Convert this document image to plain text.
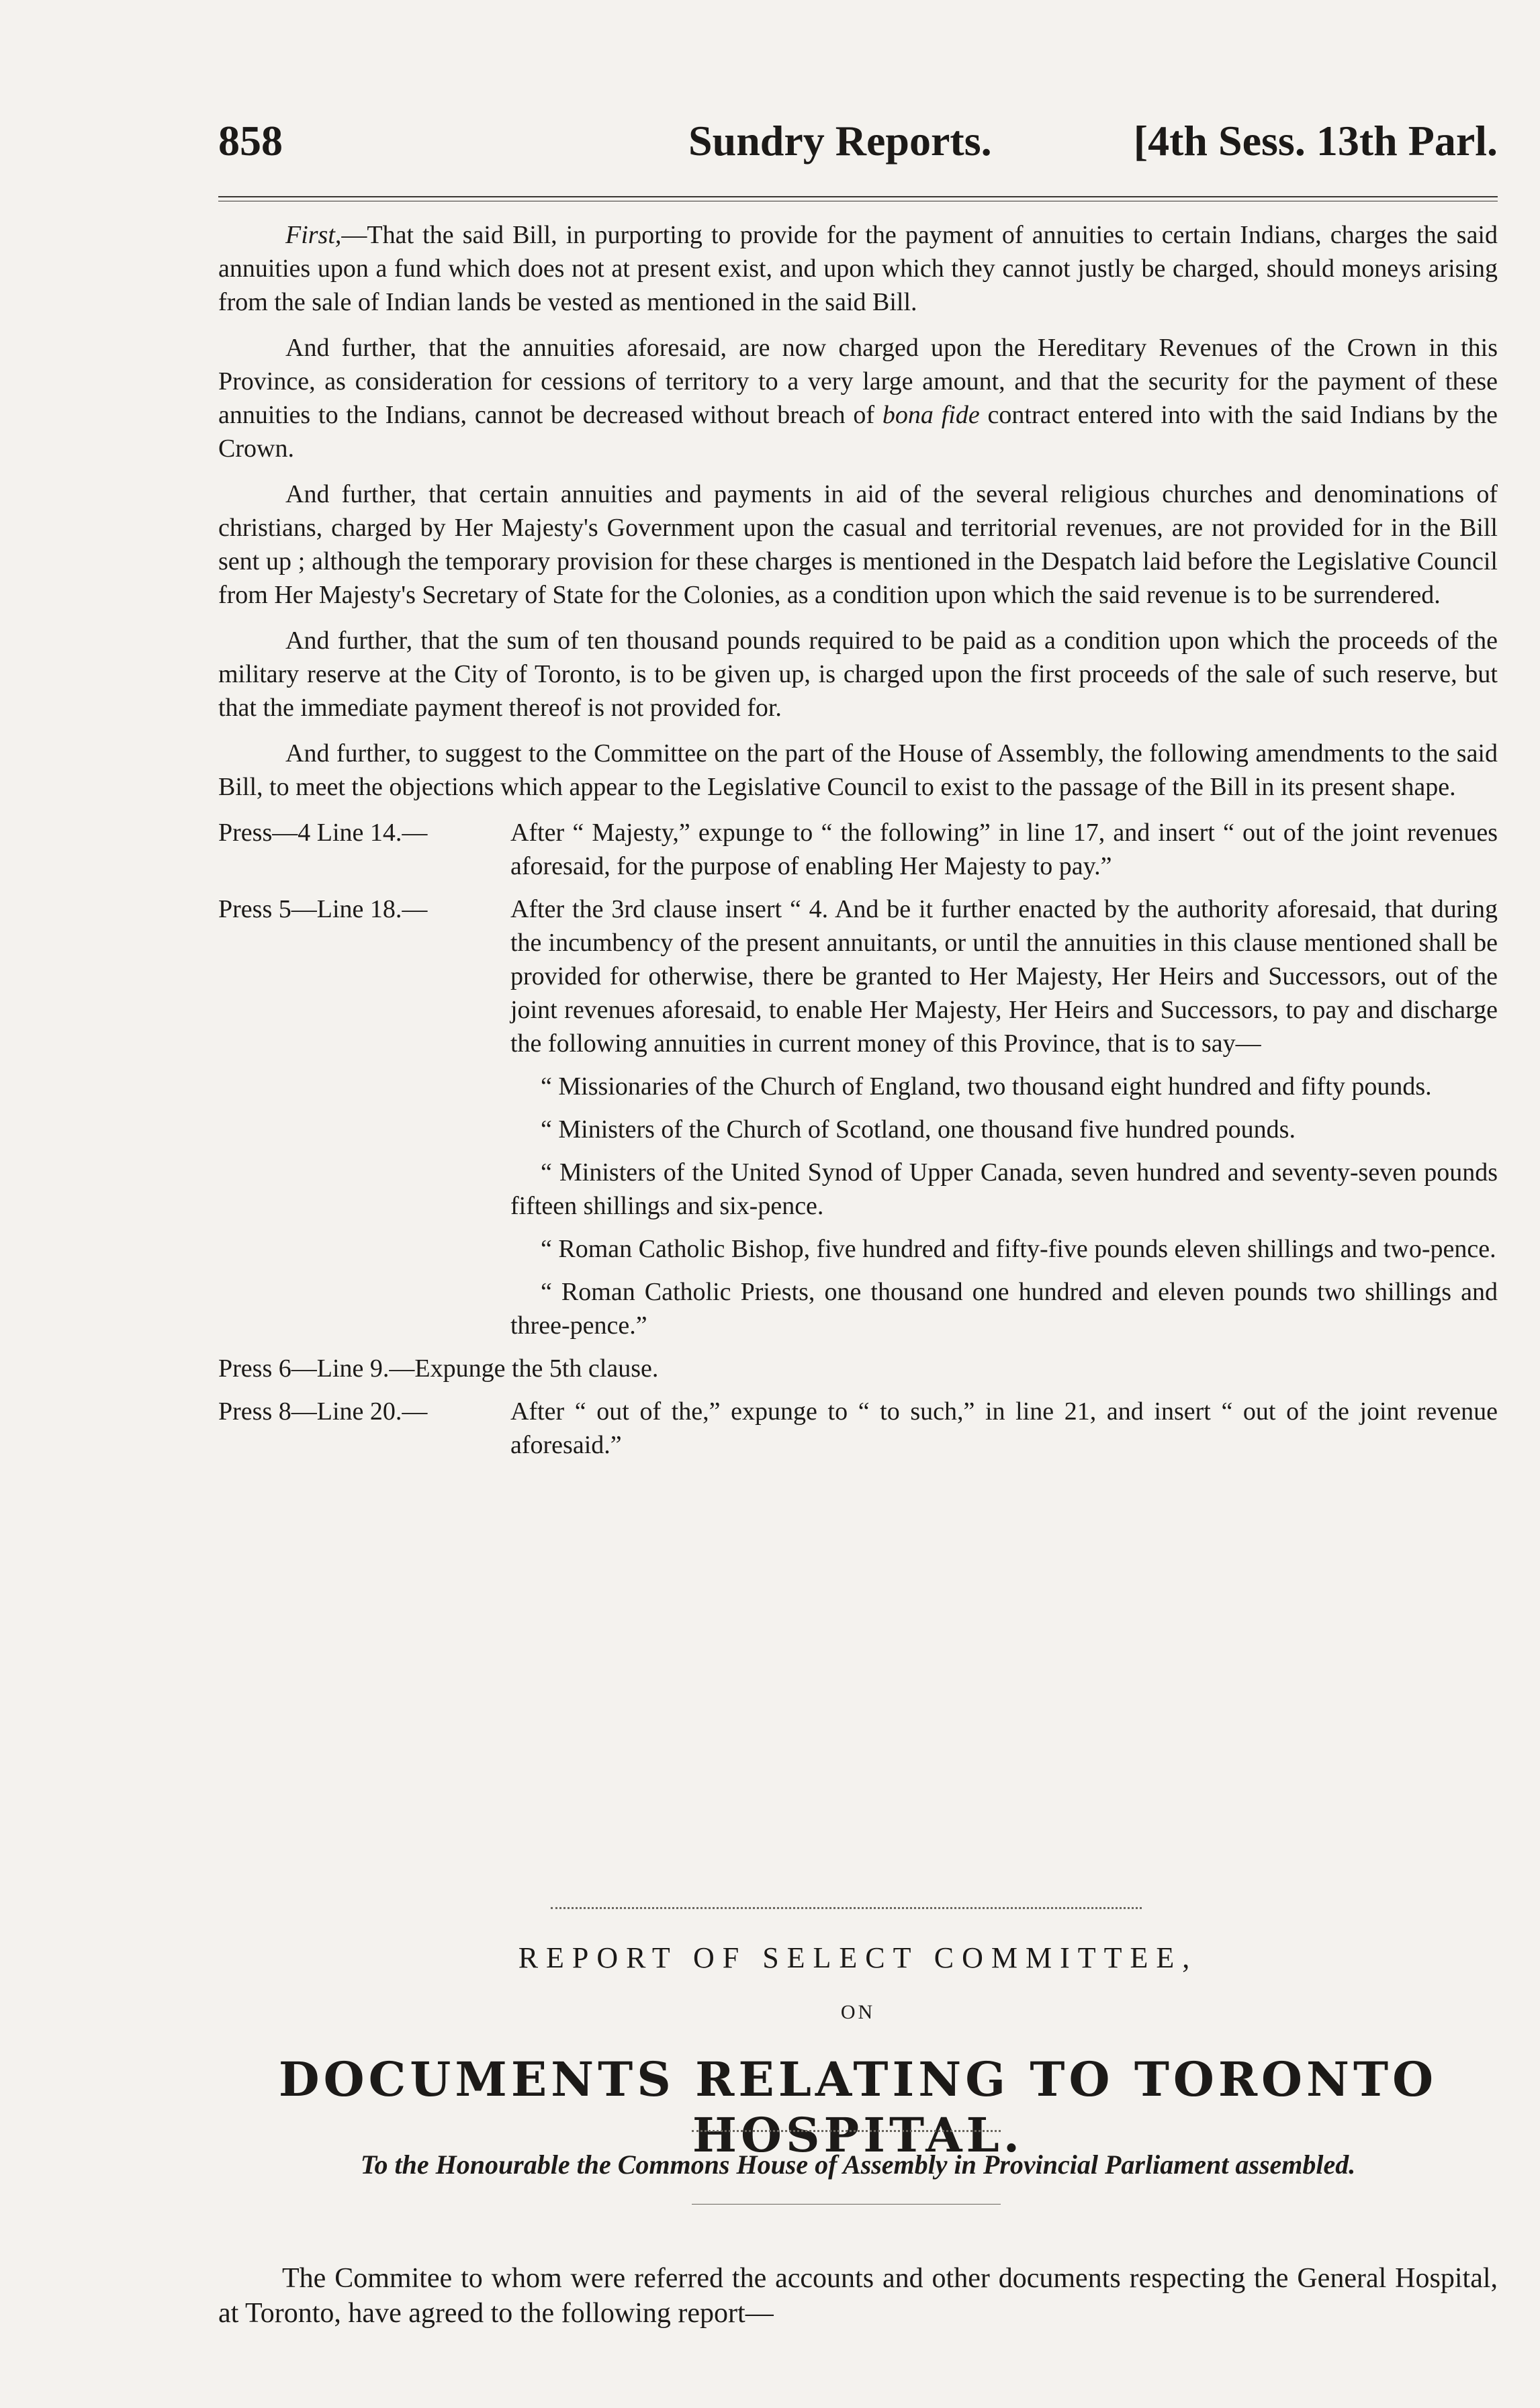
858	Sundry Reports.	[4th Sess. 13th Parl.

First,—That the said Bill, in purporting to provide for the payment of annuities to certain Indians, charges the said annuities upon a fund which does not at present exist, and upon which they cannot justly be charged, should moneys arising from the sale of Indian lands be vested as mentioned in the said Bill.

And further, that the annuities aforesaid, are now charged upon the Hereditary Revenues of the Crown in this Province, as consideration for cessions of territory to a very large amount, and that the security for the payment of these annuities to the Indians, cannot be decreased without breach of bona fide contract entered into with the said Indians by the Crown.

And further, that certain annuities and payments in aid of the several religious churches and denominations of christians, charged by Her Majesty's Government upon the casual and territorial revenues, are not provided for in the Bill sent up ; although the temporary provision for these charges is mentioned in the Despatch laid before the Legislative Council from Her Majesty's Secretary of State for the Colonies, as a condition upon which the said revenue is to be surrendered.

And further, that the sum of ten thousand pounds required to be paid as a condition upon which the proceeds of the military reserve at the City of Toronto, is to be given up, is charged upon the first proceeds of the sale of such reserve, but that the immediate payment thereof is not provided for.

And further, to suggest to the Committee on the part of the House of Assembly, the following amendments to the said Bill, to meet the objections which appear to the Legislative Council to exist to the passage of the Bill in its present shape.

Press—4 Line 14.—	After “ Majesty,” expunge to “ the following” in line 17, and insert “ out of the joint revenues aforesaid, for the purpose of enabling Her Majesty to pay.”
Press 5—Line 18.—	After the 3rd clause insert “ 4. And be it further enacted by the authority aforesaid, that during the incumbency of the present annuitants, or until the annuities in this clause mentioned shall be provided for otherwise, there be granted to Her Majesty, Her Heirs and Successors, out of the joint revenues aforesaid, to enable Her Majesty, Her Heirs and Successors, to pay and discharge the following annuities in current money of this Province, that is to say—

“ Missionaries of the Church of England, two thousand eight hundred and fifty pounds.

“ Ministers of the Church of Scotland, one thousand five hundred pounds.

“ Ministers of the United Synod of Upper Canada, seven hundred and seventy-seven pounds fifteen shillings and six-pence.

“ Roman Catholic Bishop, five hundred and fifty-five pounds eleven shillings and two-pence.

“ Roman Catholic Priests, one thousand one hundred and eleven pounds two shillings and three-pence.”

Press 6—Line 9.— Expunge the 5th clause.
Press 8—Line 20.—	After “ out of the,” expunge to “ to such,” in line 21, and insert “ out of the joint revenue aforesaid.”
REPORT OF SELECT COMMITTEE,
ON
DOCUMENTS RELATING TO TORONTO HOSPITAL.
To the Honourable the Commons House of Assembly in Provincial Parliament assembled.

The Commitee to whom were referred the accounts and other documents respecting the General Hospital, at Toronto, have agreed to the following report—
